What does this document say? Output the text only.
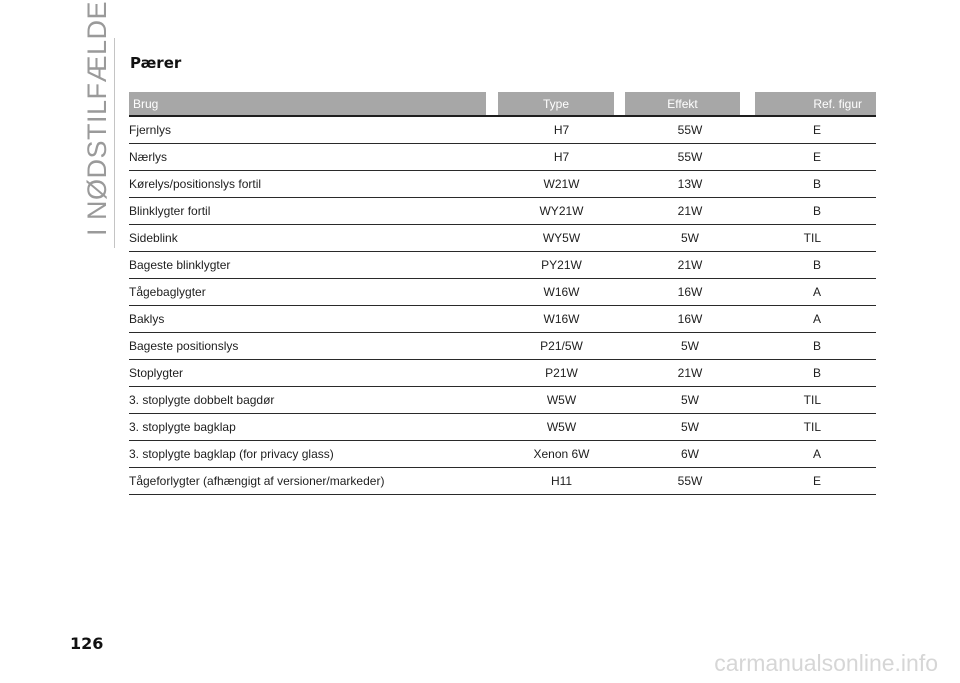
I NØDSTILFÆLDE Pærer
Brug	Type	Effekt	Ref. figur
Fjernlys	H7	55W	E
Nærlys	H7	55W	E
Kørelys/positionslys fortil	W21W	13W	B
Blinklygter fortil	WY21W	21W	B
Sideblink	WY5W	5W	TIL
Bageste blinklygter	PY21W	21W	B
Tågebaglygter	W16W	16W	A
Baklys	W16W	16W	A
Bageste positionslys	P21/5W	5W	B
Stoplygter	P21W	21W	B
3. stoplygte dobbelt bagdør	W5W	5W	TIL
3. stoplygte bagklap	W5W	5W	TIL
3. stoplygte bagklap (for privacy glass)	Xenon 6W	6W	A
Tågeforlygter (afhængigt af versioner/markeder)	H11	55W	E
126
carmanualsonline.info
